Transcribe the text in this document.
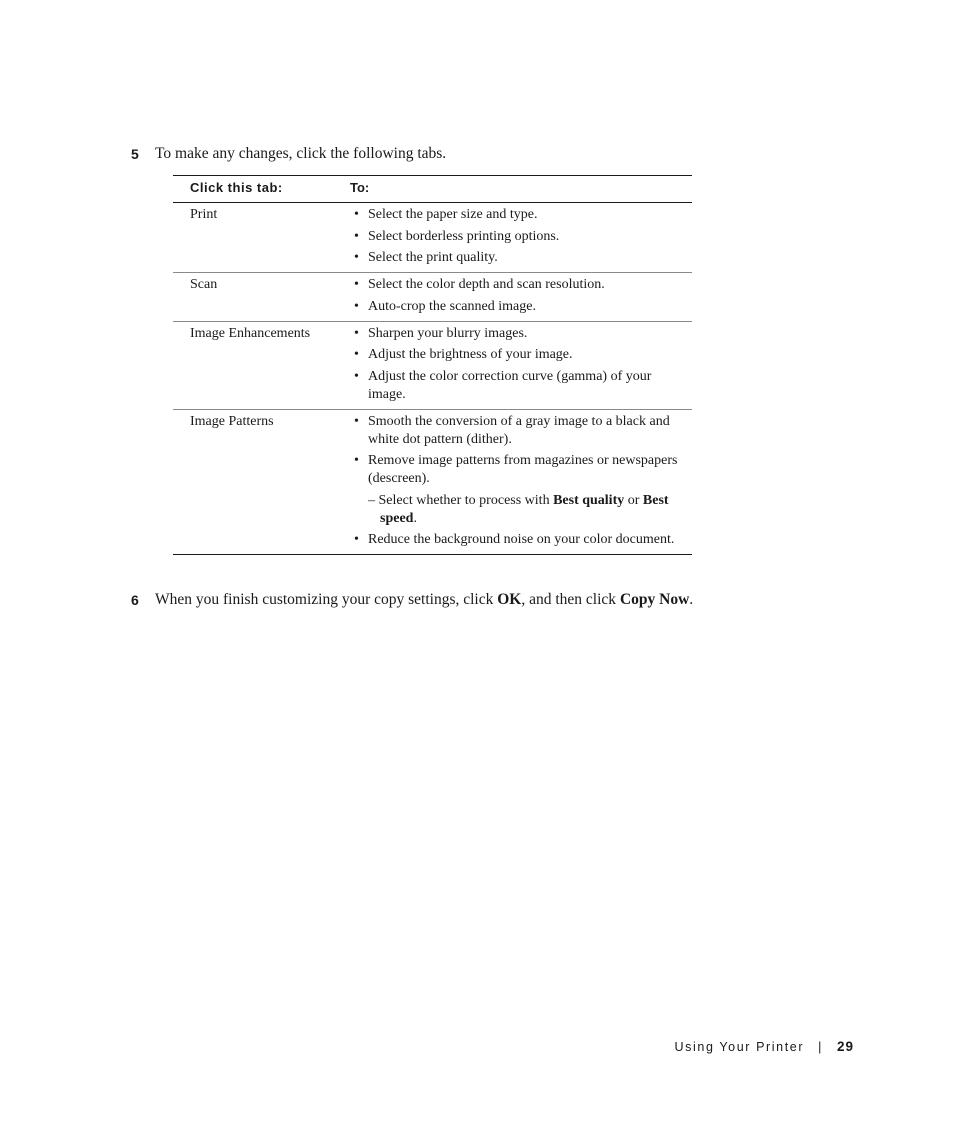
5 To make any changes, click the following tabs.
Click this tab:	To:
Print	• Select the paper size and type.
• Select borderless printing options.
• Select the print quality.
Scan	• Select the color depth and scan resolution.
• Auto-crop the scanned image.
Image Enhancements	• Sharpen your blurry images.
• Adjust the brightness of your image.
• Adjust the color correction curve (gamma) of your image.
Image Patterns	• Smooth the conversion of a gray image to a black and white dot pattern (dither).
• Remove image patterns from magazines or newspapers (descreen).
– Select whether to process with Best quality or Best speed.
• Reduce the background noise on your color document.
6 When you finish customizing your copy settings, click OK, and then click Copy Now.
Using Your Printer | 29
